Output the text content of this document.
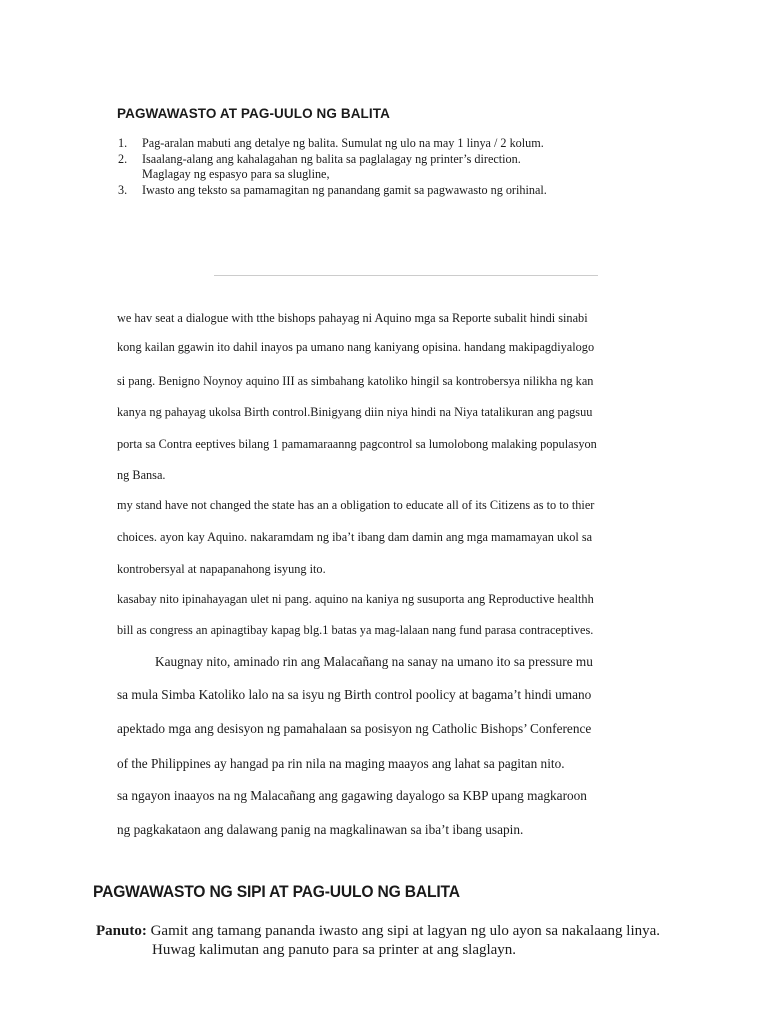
PAGWAWASTO AT PAG-UULO NG BALITA
1.	Pag-aralan mabuti ang detalye ng balita. Sumulat ng ulo na may 1 linya / 2 kolum.
2.	Isaalang-alang ang kahalagahan ng balita sa paglalagay ng printer’s direction.
Maglagay ng espasyo para sa slugline,
3.	Iwasto ang teksto sa pamamagitan ng panandang gamit sa pagwawasto ng orihinal.
we hav seat a dialogue with tthe bishops pahayag ni Aquino mga sa Reporte subalit hindi sinabi
kong kailan ggawin ito dahil inayos pa umano nang kaniyang opisina. handang makipagdiyalogo
si pang. Benigno Noynoy aquino III as simbahang katoliko hingil sa kontrobersya nilikha ng kan
kanya ng pahayag ukolsa Birth control.Binigyang diin niya hindi na Niya tatalikuran ang pagsuu
porta sa Contra eeptives bilang 1 pamamaraanng pagcontrol sa lumolobong malaking populasyon
ng Bansa.
my stand have not changed the state has an a obligation to educate all of its Citizens as to to thier
choices. ayon kay Aquino. nakaramdam ng iba’t ibang dam damin ang mga mamamayan ukol sa
kontrobersyal at napapanahong isyung ito.
kasabay nito ipinahayagan ulet ni pang. aquino na kaniya ng susuporta ang Reproductive healthh
bill as congress an apinagtibay kapag blg.1 batas ya mag-lalaan nang fund parasa contraceptives.
Kaugnay nito, aminado rin ang Malacañang na sanay na umano ito sa pressure mu
sa mula Simba Katoliko lalo na sa isyu ng Birth control poolicy at bagama’t hindi umano
apektado mga ang desisyon ng pamahalaan sa posisyon ng Catholic Bishops’ Conference
of the Philippines ay hangad pa rin nila na maging maayos ang lahat sa pagitan nito.
sa ngayon inaayos na ng Malacañang ang gagawing dayalogo sa KBP upang magkaroon
ng pagkakataon ang dalawang panig na magkalinawan sa iba’t ibang usapin.
PAGWAWASTO NG SIPI AT PAG-UULO NG BALITA
Panuto: Gamit ang tamang pananda iwasto ang sipi at lagyan ng ulo ayon sa nakalaang linya.
Huwag kalimutan ang panuto para sa printer at ang slaglayn.
